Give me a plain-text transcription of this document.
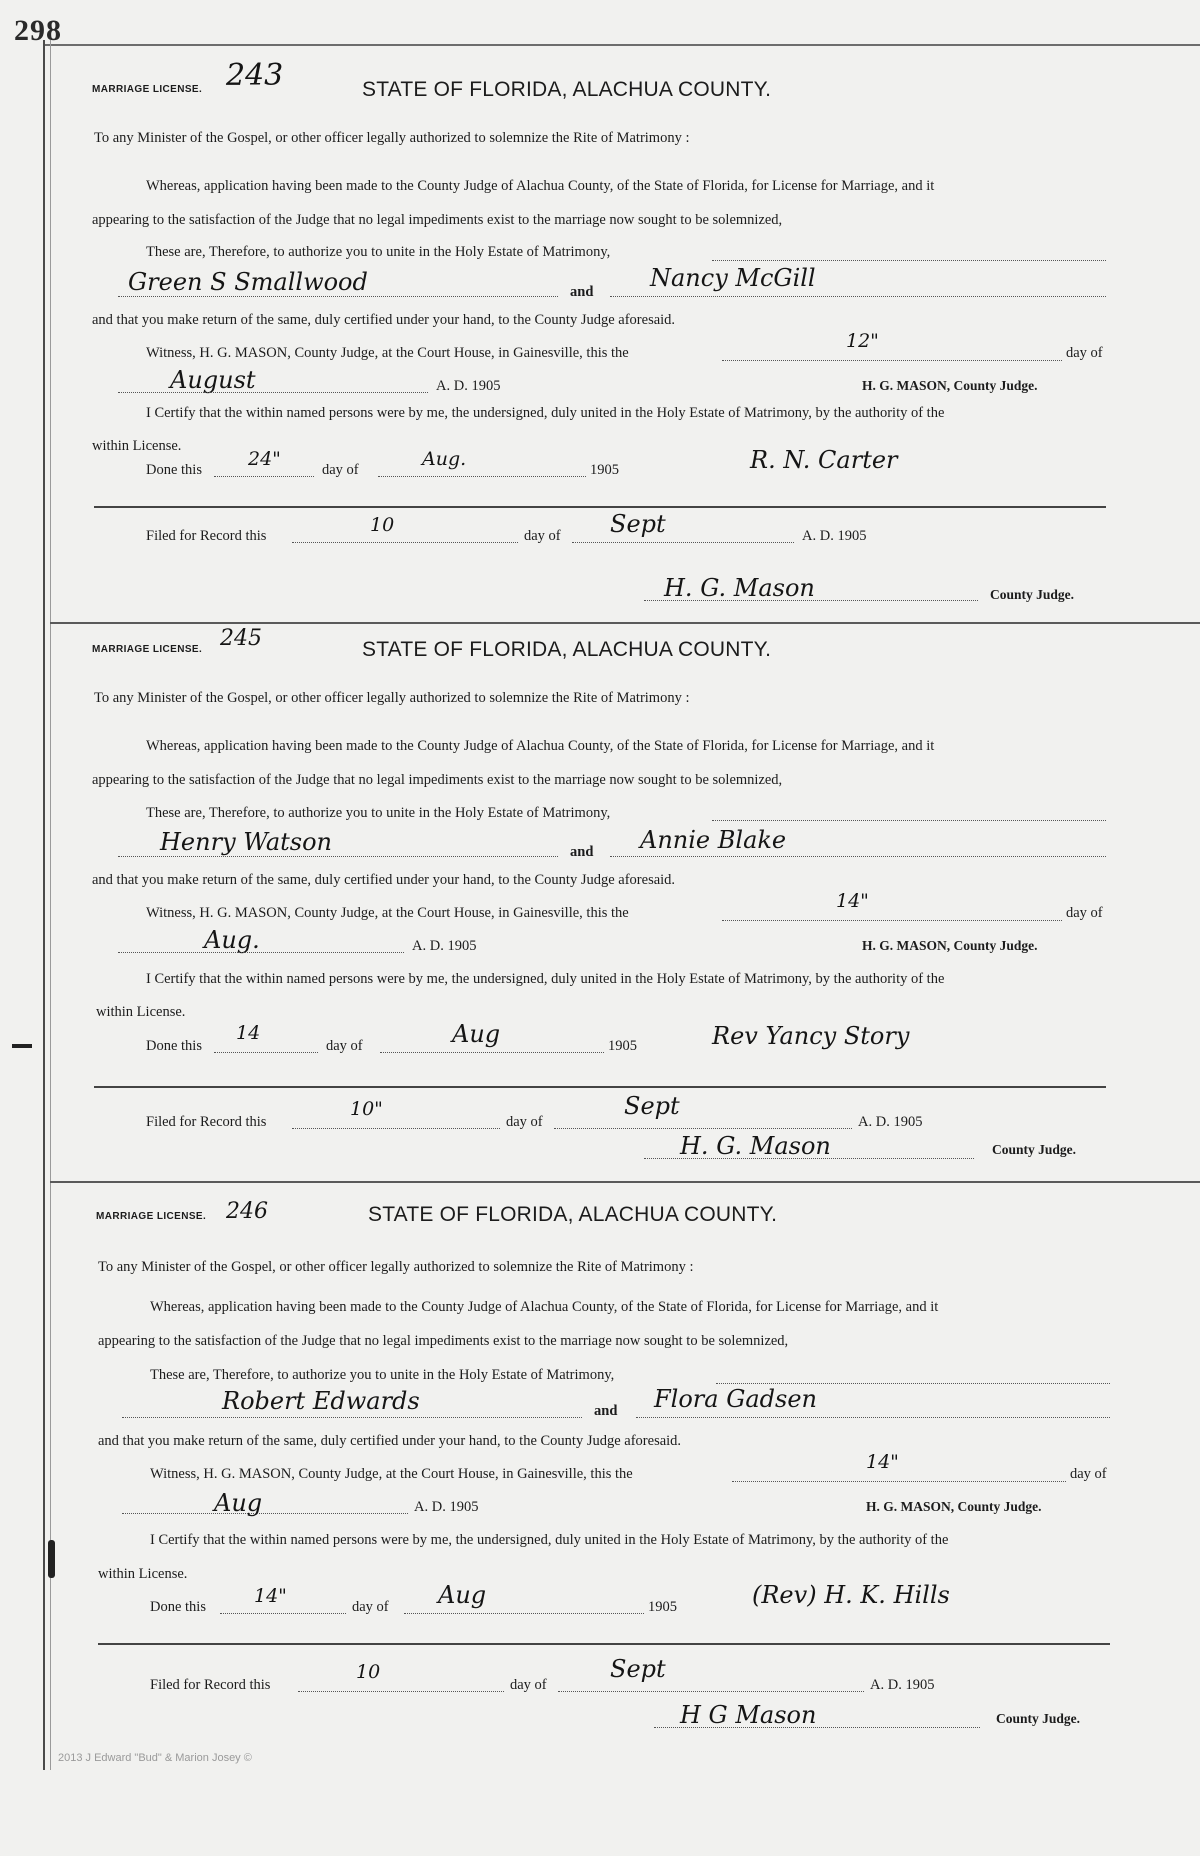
298
MARRIAGE LICENSE. 243	STATE OF FLORIDA, ALACHUA COUNTY.
To any Minister of the Gospel, or other officer legally authorized to solemnize the Rite of Matrimony :
Whereas, application having been made to the County Judge of Alachua County, of the State of Florida, for License for Marriage, and it
appearing to the satisfaction of the Judge that no legal impediments exist to the marriage now sought to be solemnized,
These are, Therefore, to authorize you to unite in the Holy Estate of Matrimony,
Green S Smallwood	and Nancy McGill
and that you make return of the same, duly certified under your hand, to the County Judge aforesaid.
Witness, H. G. MASON, County Judge, at the Court House, in Gainesville, this the
12"
day of
August	A. D. 1905	H. G. MASON, County Judge.
I Certify that the within named persons were by me, the undersigned, duly united in the Holy Estate of Matrimony, by the authority of the
within License.
Done this 24"	day of	Aug.	1905	R. N. Carter
Filed for Record this	10	day of Sept	A. D. 1905
H. G. Mason	County Judge.
MARRIAGE LICENSE. 245	STATE OF FLORIDA, ALACHUA COUNTY.
To any Minister of the Gospel, or other officer legally authorized to solemnize the Rite of Matrimony :
Whereas, application having been made to the County Judge of Alachua County, of the State of Florida, for License for Marriage, and it
appearing to the satisfaction of the Judge that no legal impediments exist to the marriage now sought to be solemnized,
These are, Therefore, to authorize you to unite in the Holy Estate of Matrimony,
Henry Watson	and Annie Blake
and that you make return of the same, duly certified under your hand, to the County Judge aforesaid.
Witness, H. G. MASON, County Judge, at the Court House, in Gainesville, this the
14"
day of
Aug.	A. D. 1905	H. G. MASON, County Judge.
I Certify that the within named persons were by me, the undersigned, duly united in the Holy Estate of Matrimony, by the authority of the
within License.
Done this
14
day of	Aug	1905	Rev Yancy Story
Filed for Record this
10"
day of
Sept
A. D. 1905
H. G. Mason	County Judge.
MARRIAGE LICENSE. 246	STATE OF FLORIDA, ALACHUA COUNTY.
To any Minister of the Gospel, or other officer legally authorized to solemnize the Rite of Matrimony :
Whereas, application having been made to the County Judge of Alachua County, of the State of Florida, for License for Marriage, and it
appearing to the satisfaction of the Judge that no legal impediments exist to the marriage now sought to be solemnized,
These are, Therefore, to authorize you to unite in the Holy Estate of Matrimony,
Robert Edwards	and Flora Gadsen
and that you make return of the same, duly certified under your hand, to the County Judge aforesaid.
Witness, H. G. MASON, County Judge, at the Court House, in Gainesville, this the
14"
day of
Aug	A. D. 1905	H. G. MASON, County Judge.
I Certify that the within named persons were by me, the undersigned, duly united in the Holy Estate of Matrimony, by the authority of the
within License.
Done this	14"	day of Aug	1905	(Rev) H. K. Hills
Filed for Record this
10
day of
Sept
A. D. 1905
H G Mason	County Judge.
2013 J Edward "Bud" & Marion Josey ©
